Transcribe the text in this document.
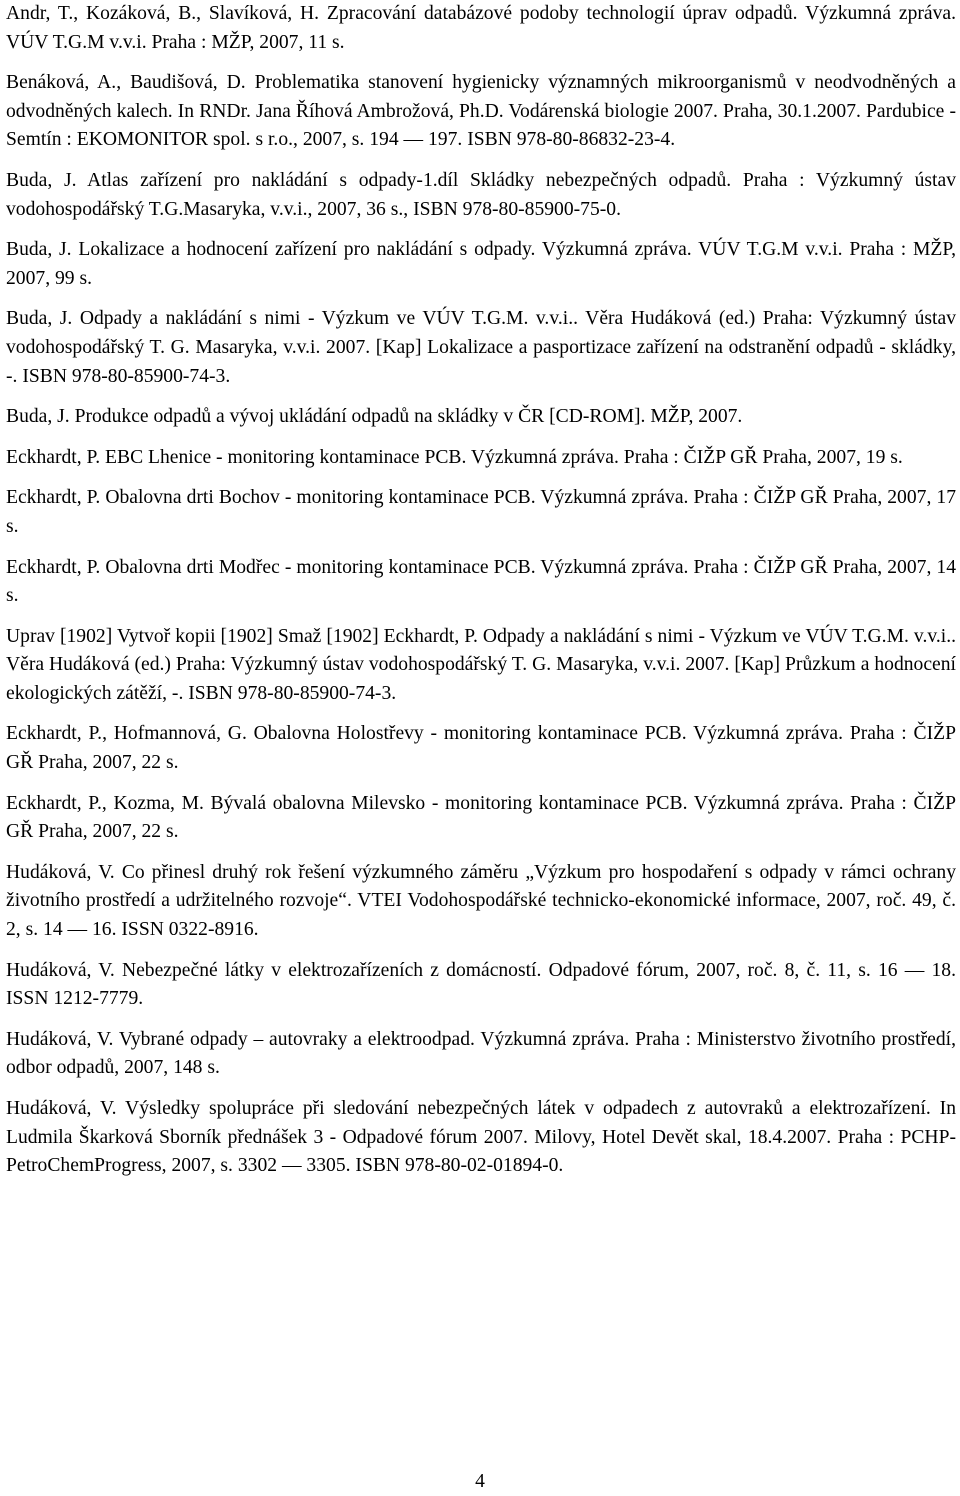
Andr, T., Kozáková, B., Slavíková, H. Zpracování databázové podoby technologií úprav odpadů. Výzkumná zpráva. VÚV T.G.M v.v.i. Praha : MŽP, 2007, 11 s.

Benáková, A., Baudišová, D. Problematika stanovení hygienicky významných mikroorganismů v neodvodněných a odvodněných kalech. In RNDr. Jana Říhová Ambrožová, Ph.D. Vodárenská biologie 2007. Praha, 30.1.2007. Pardubice - Semtín : EKOMONITOR spol. s r.o., 2007, s. 194 — 197. ISBN 978-80-86832-23-4.

Buda, J. Atlas zařízení pro nakládání s odpady-1.díl Skládky nebezpečných odpadů. Praha : Výzkumný ústav vodohospodářský T.G.Masaryka, v.v.i., 2007, 36 s., ISBN 978-80-85900-75-0.

Buda, J. Lokalizace a hodnocení zařízení pro nakládání s odpady. Výzkumná zpráva. VÚV T.G.M v.v.i. Praha : MŽP, 2007, 99 s.

Buda, J. Odpady a nakládání s nimi - Výzkum ve VÚV T.G.M. v.v.i.. Věra Hudáková (ed.) Praha: Výzkumný ústav vodohospodářský T. G. Masaryka, v.v.i. 2007. [Kap] Lokalizace a pasportizace zařízení na odstranění odpadů - skládky, -. ISBN 978-80-85900-74-3.

Buda, J. Produkce odpadů a vývoj ukládání odpadů na skládky v ČR [CD-ROM]. MŽP, 2007.

Eckhardt, P. EBC Lhenice - monitoring kontaminace PCB. Výzkumná zpráva. Praha : ČIŽP GŘ Praha, 2007, 19 s.

Eckhardt, P. Obalovna drti Bochov - monitoring kontaminace PCB. Výzkumná zpráva. Praha : ČIŽP GŘ Praha, 2007, 17 s.

Eckhardt, P. Obalovna drti Modřec - monitoring kontaminace PCB. Výzkumná zpráva. Praha : ČIŽP GŘ Praha, 2007, 14 s.

Uprav [1902] Vytvoř kopii [1902] Smaž [1902] Eckhardt, P. Odpady a nakládání s nimi - Výzkum ve VÚV T.G.M. v.v.i.. Věra Hudáková (ed.) Praha: Výzkumný ústav vodohospodářský T. G. Masaryka, v.v.i. 2007. [Kap] Průzkum a hodnocení ekologických zátěží, -. ISBN 978-80-85900-74-3.

Eckhardt, P., Hofmannová, G. Obalovna Holostřevy - monitoring kontaminace PCB. Výzkumná zpráva. Praha : ČIŽP GŘ Praha, 2007, 22 s.

Eckhardt, P., Kozma, M. Bývalá obalovna Milevsko - monitoring kontaminace PCB. Výzkumná zpráva. Praha : ČIŽP GŘ Praha, 2007, 22 s.

Hudáková, V. Co přinesl druhý rok řešení výzkumného záměru „Výzkum pro hospodaření s odpady v rámci ochrany životního prostředí a udržitelného rozvoje“. VTEI Vodohospodářské technicko-ekonomické informace, 2007, roč. 49, č. 2, s. 14 — 16. ISSN 0322-8916.

Hudáková, V. Nebezpečné látky v elektrozařízeních z domácností. Odpadové fórum, 2007, roč. 8, č. 11, s. 16 — 18. ISSN 1212-7779.

Hudáková, V. Vybrané odpady – autovraky a elektroodpad. Výzkumná zpráva. Praha : Ministerstvo životního prostředí, odbor odpadů, 2007, 148 s.

Hudáková, V. Výsledky spolupráce při sledování nebezpečných látek v odpadech z autovraků a elektrozařízení. In Ludmila Škarková Sborník přednášek 3 - Odpadové fórum 2007. Milovy, Hotel Devět skal, 18.4.2007. Praha : PCHP-PetroChemProgress, 2007, s. 3302 — 3305. ISBN 978-80-02-01894-0.

4
